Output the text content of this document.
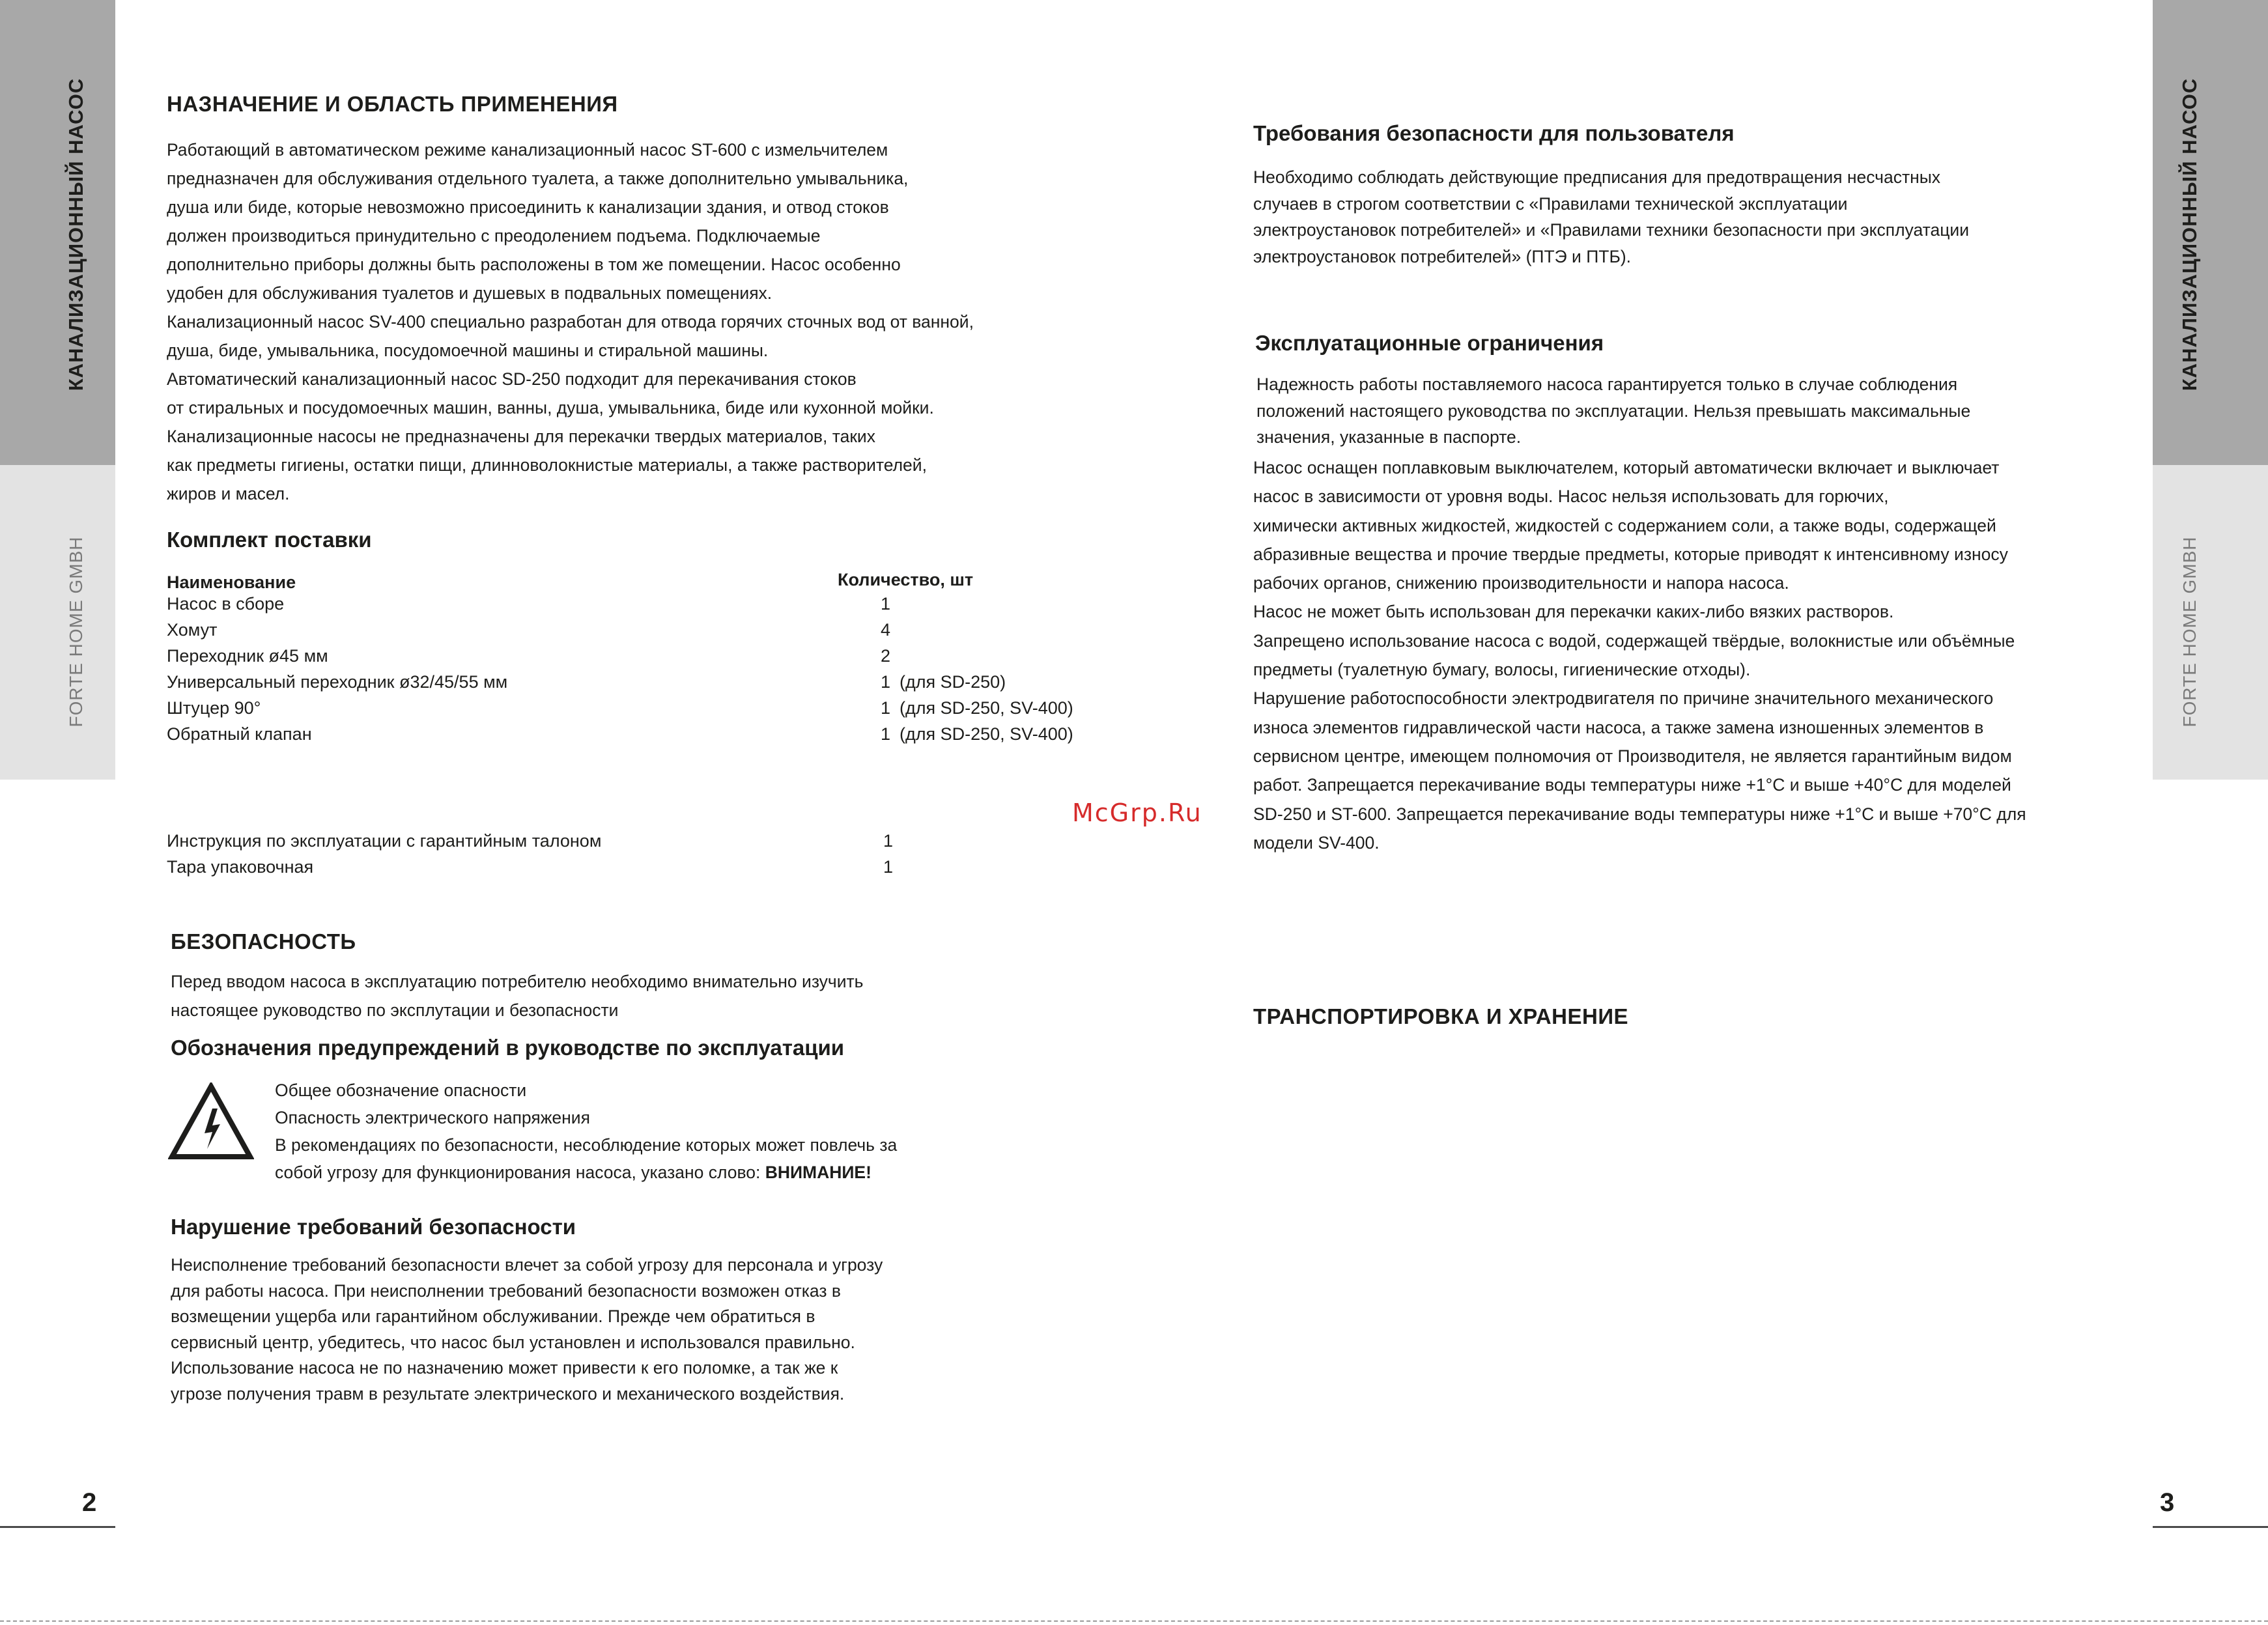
КАНАЛИЗАЦИОННЫЙ НАСОС
FORTE HOME GMBH
КАНАЛИЗАЦИОННЫЙ НАСОС
FORTE HOME GMBH
НАЗНАЧЕНИЕ И ОБЛАСТЬ ПРИМЕНЕНИЯ
Работающий в автоматическом режиме канализационный насос ST-600 с измельчителем
предназначен для обслуживания отдельного туалета, а также дополнительно умывальника,
душа или биде, которые невозможно присоединить к канализации здания, и отвод стоков
должен производиться принудительно с преодолением подъема. Подключаемые
дополнительно приборы должны быть расположены в том же помещении. Насос особенно
удобен для обслуживания туалетов и душевых в подвальных помещениях.
Канализационный насос SV-400 специально разработан для отвода горячих сточных вод от ванной,
душа, биде, умывальника, посудомоечной машины и стиральной машины.
Автоматический канализационный насос SD-250 подходит для перекачивания стоков
от стиральных и посудомоечных машин, ванны, душа, умывальника, биде или кухонной мойки.
Канализационные насосы не предназначены для перекачки твердых материалов, таких
как предметы гигиены, остатки пищи, длинноволокнистые материалы, а также растворителей,
жиров и масел.
Комплект поставки
Наименование	Количество, шт
Насос в сборе	1
Хомут	4
Переходник ø45 мм	2
Универсальный переходник ø32/45/55 мм	1 (для SD-250)
Штуцер 90°	1 (для SD-250, SV-400)
Обратный клапан	1 (для SD-250, SV-400)
McGrp.Ru
Инструкция по эксплуатации с гарантийным талоном	1
Тара упаковочная	1
БЕЗОПАСНОСТЬ
Перед вводом насоса в эксплуатацию потребителю необходимо внимательно изучить
настоящее руководство по эксплутации и безопасности
Обозначения предупреждений в руководстве по эксплуатации
Общее обозначение опасности
Опасность электрического напряжения
В рекомендациях по безопасности, несоблюдение которых может повлечь за
собой угрозу для функционирования насоса, указано слово: ВНИМАНИЕ!
Нарушение требований безопасности
Неисполнение требований безопасности влечет за собой угрозу для персонала и угрозу
для работы насоса. При неисполнении требований безопасности возможен отказ в
возмещении ущерба или гарантийном обслуживании. Прежде чем обратиться в
сервисный центр, убедитесь, что насос был установлен и использовался правильно.
Использование насоса не по назначению может привести к его поломке, а так же к
угрозе получения травм в результате электрического и механического воздействия.
2
Требования безопасности для пользователя
Необходимо соблюдать действующие предписания для предотвращения несчастных
случаев в строгом соответствии с «Правилами технической эксплуатации
электроустановок потребителей» и «Правилами техники безопасности при эксплуатации
электроустановок потребителей» (ПТЭ и ПТБ).
Эксплуатационные ограничения
Надежность работы поставляемого насоса гарантируется только в случае соблюдения
положений настоящего руководства по эксплуатации. Нельзя превышать максимальные
значения, указанные в паспорте.
Насос оснащен поплавковым выключателем, который автоматически включает и выключает
насос в зависимости от уровня воды. Насос нельзя использовать для горючих,
химически активных жидкостей, жидкостей с содержанием соли, а также воды, содержащей
абразивные вещества и прочие твердые предметы, которые приводят к интенсивному износу
рабочих органов, снижению производительности и напора насоса.
Насос не может быть использован для перекачки каких-либо вязких растворов.
Запрещено использование насоса с водой, содержащей твёрдые, волокнистые или объёмные
предметы (туалетную бумагу, волосы, гигиенические отходы).
Нарушение работоспособности электродвигателя по причине значительного механического
износа элементов гидравлической части насоса, а также замена изношенных элементов в
сервисном центре, имеющем полномочия от Производителя, не является гарантийным видом
работ. Запрещается перекачивание воды температуры ниже +1°C и выше +40°C для моделей
SD-250 и ST-600. Запрещается перекачивание воды температуры ниже +1°C и выше +70°C для
модели SV-400.
ТРАНСПОРТИРОВКА И ХРАНЕНИЕ
3
